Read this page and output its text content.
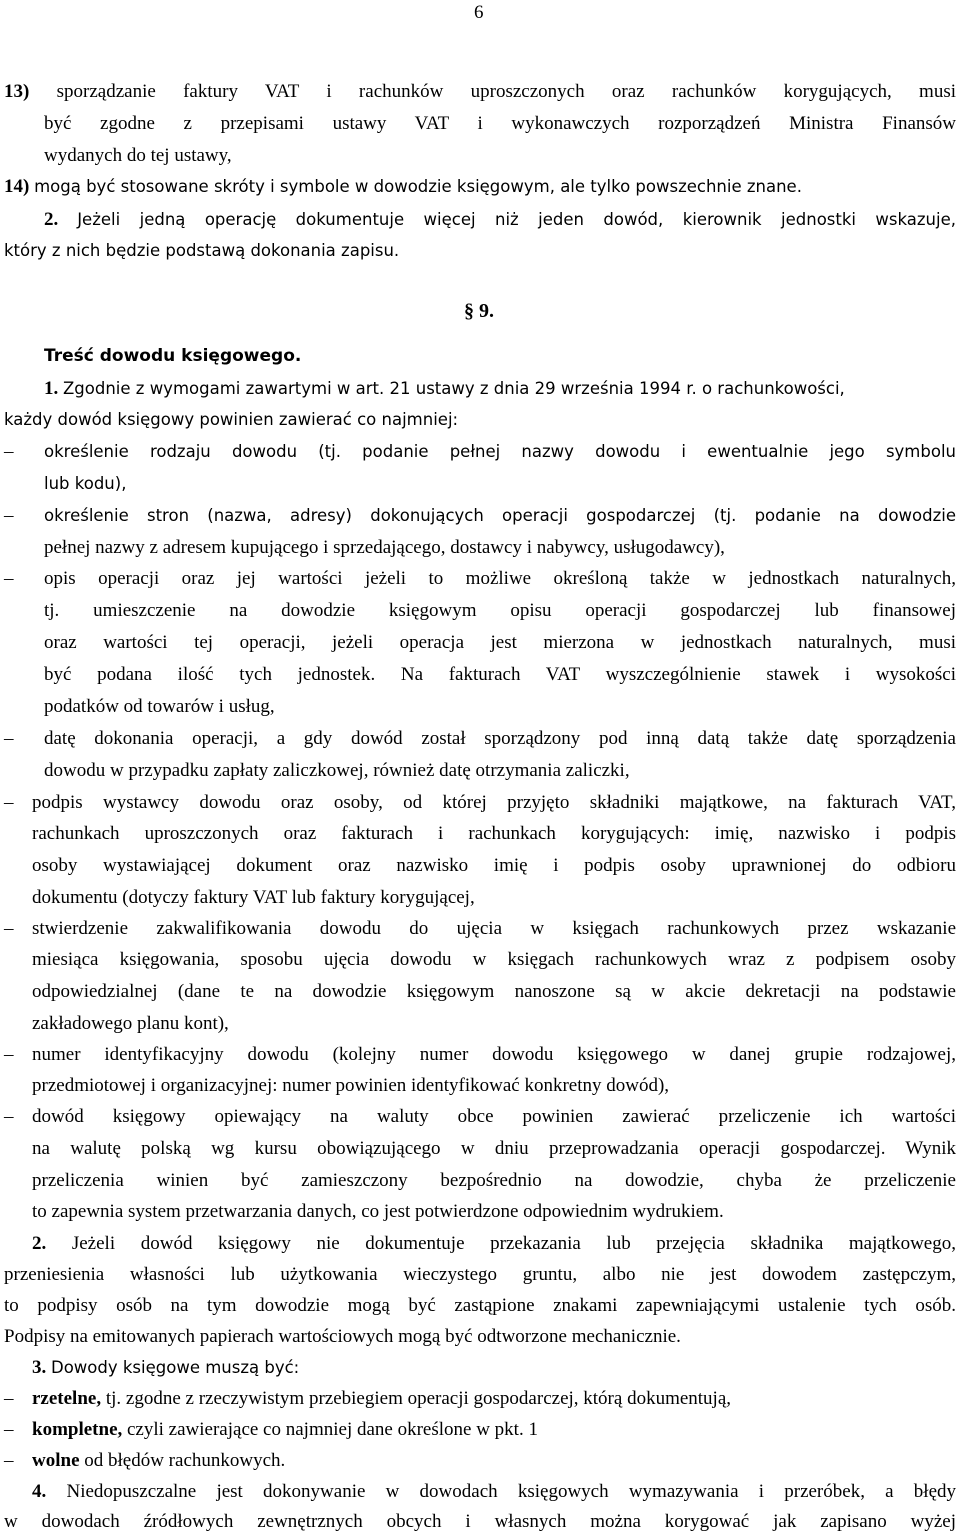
6
13) sporządzanie faktury VAT i rachunków uproszczonych oraz rachunków korygujących, musi
być zgodne z przepisami ustawy VAT i wykonawczych rozporządzeń Ministra Finansów
wydanych do tej ustawy,
14) mogą być stosowane skróty i symbole w dowodzie księgowym, ale tylko powszechnie znane.
2. Jeżeli jedną operację dokumentuje więcej niż jeden dowód, kierownik jednostki wskazuje,
który z nich będzie podstawą dokonania zapisu.
§ 9.
Treść dowodu księgowego.
1. Zgodnie z wymogami zawartymi w art. 21 ustawy z dnia 29 września 1994 r. o rachunkowości,
każdy dowód księgowy powinien zawierać co najmniej:
–
określenie rodzaju dowodu (tj. podanie pełnej nazwy dowodu i ewentualnie jego symbolu
lub kodu),
–
określenie stron (nazwa, adresy) dokonujących operacji gospodarczej (tj. podanie na dowodzie
pełnej nazwy z adresem kupującego i sprzedającego, dostawcy i nabywcy, usługodawcy),
–
opis operacji oraz jej wartości jeżeli to możliwe określoną także w jednostkach naturalnych,
tj. umieszczenie na dowodzie księgowym opisu operacji gospodarczej lub finansowej
oraz wartości tej operacji, jeżeli operacja jest mierzona w jednostkach naturalnych, musi
być podana ilość tych jednostek. Na fakturach VAT wyszczególnienie stawek i wysokości
podatków od towarów i usług,
–
datę dokonania operacji, a gdy dowód został sporządzony pod inną datą także datę sporządzenia
dowodu w przypadku zapłaty zaliczkowej, również datę otrzymania zaliczki,
–
podpis wystawcy dowodu oraz osoby, od której przyjęto składniki majątkowe, na fakturach VAT,
rachunkach uproszczonych oraz fakturach i rachunkach korygujących: imię, nazwisko i podpis
osoby wystawiającej dokument oraz nazwisko imię i podpis osoby uprawnionej do odbioru
dokumentu (dotyczy faktury VAT lub faktury korygującej,
–
stwierdzenie zakwalifikowania dowodu do ujęcia w księgach rachunkowych przez wskazanie
miesiąca księgowania, sposobu ujęcia dowodu w księgach rachunkowych wraz z podpisem osoby
odpowiedzialnej (dane te na dowodzie księgowym nanoszone są w akcie dekretacji na podstawie
zakładowego planu kont),
–
numer identyfikacyjny dowodu (kolejny numer dowodu księgowego w danej grupie rodzajowej,
przedmiotowej i organizacyjnej: numer powinien identyfikować konkretny dowód),
–
dowód księgowy opiewający na waluty obce powinien zawierać przeliczenie ich wartości
na walutę polską wg kursu obowiązującego w dniu przeprowadzania operacji gospodarczej. Wynik
przeliczenia winien być zamieszczony bezpośrednio na dowodzie, chyba że przeliczenie
to zapewnia system przetwarzania danych, co jest potwierdzone odpowiednim wydrukiem.
2. Jeżeli dowód księgowy nie dokumentuje przekazania lub przejęcia składnika majątkowego,
przeniesienia własności lub użytkowania wieczystego gruntu, albo nie jest dowodem zastępczym,
to podpisy osób na tym dowodzie mogą być zastąpione znakami zapewniającymi ustalenie tych osób.
Podpisy na emitowanych papierach wartościowych mogą być odtworzone mechanicznie.
3. Dowody księgowe muszą być:
–
rzetelne, tj. zgodne z rzeczywistym przebiegiem operacji gospodarczej, którą dokumentują,
–
kompletne, czyli zawierające co najmniej dane określone w pkt. 1
–
wolne od błędów rachunkowych.
4. Niedopuszczalne jest dokonywanie w dowodach księgowych wymazywania i przeróbek, a błędy
w dowodach źródłowych zewnętrznych obcych i własnych można korygować jak zapisano wyżej
